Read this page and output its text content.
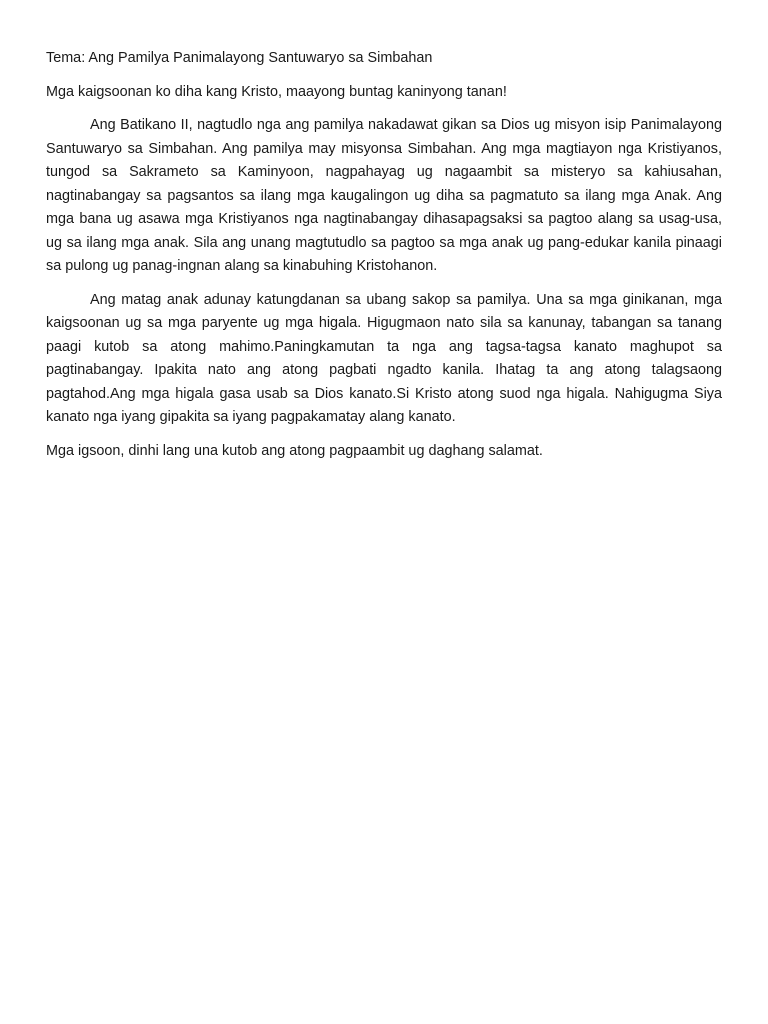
Tema: Ang Pamilya Panimalayong Santuwaryo sa Simbahan

Mga kaigsoonan ko diha kang Kristo, maayong buntag kaninyong tanan!

Ang Batikano II, nagtudlo nga ang pamilya nakadawat gikan sa Dios ug misyon isip Panimalayong Santuwaryo sa Simbahan. Ang pamilya may misyonsa Simbahan. Ang mga magtiayon nga Kristiyanos, tungod sa Sakrameto sa Kaminyoon, nagpahayag ug nagaambit sa misteryo sa kahiusahan, nagtinabangay sa pagsantos sa ilang mga kaugalingon ug diha sa pagmatuto sa ilang mga Anak. Ang mga bana ug asawa mga Kristiyanos nga nagtinabangay dihasapagsaksi sa pagtoo alang sa usag-usa, ug sa ilang mga anak. Sila ang unang magtutudlo sa pagtoo sa mga anak ug pang-edukar kanila pinaagi sa pulong ug panag-ingnan alang sa kinabuhing Kristohanon.

Ang matag anak adunay katungdanan sa ubang sakop sa pamilya. Una sa mga ginikanan, mga kaigsoonan ug sa mga paryente ug mga higala. Higugmaon nato sila sa kanunay, tabangan sa tanang paagi kutob sa atong mahimo.Paningkamutan ta nga ang tagsa-tagsa kanato maghupot sa pagtinabangay. Ipakita nato ang atong pagbati ngadto kanila. Ihatag ta ang atong talagsaong pagtahod.Ang mga higala gasa usab sa Dios kanato.Si Kristo atong suod nga higala. Nahigugma Siya kanato nga iyang gipakita sa iyang pagpakamatay alang kanato.

Mga igsoon, dinhi lang una kutob ang atong pagpaambit ug daghang salamat.
